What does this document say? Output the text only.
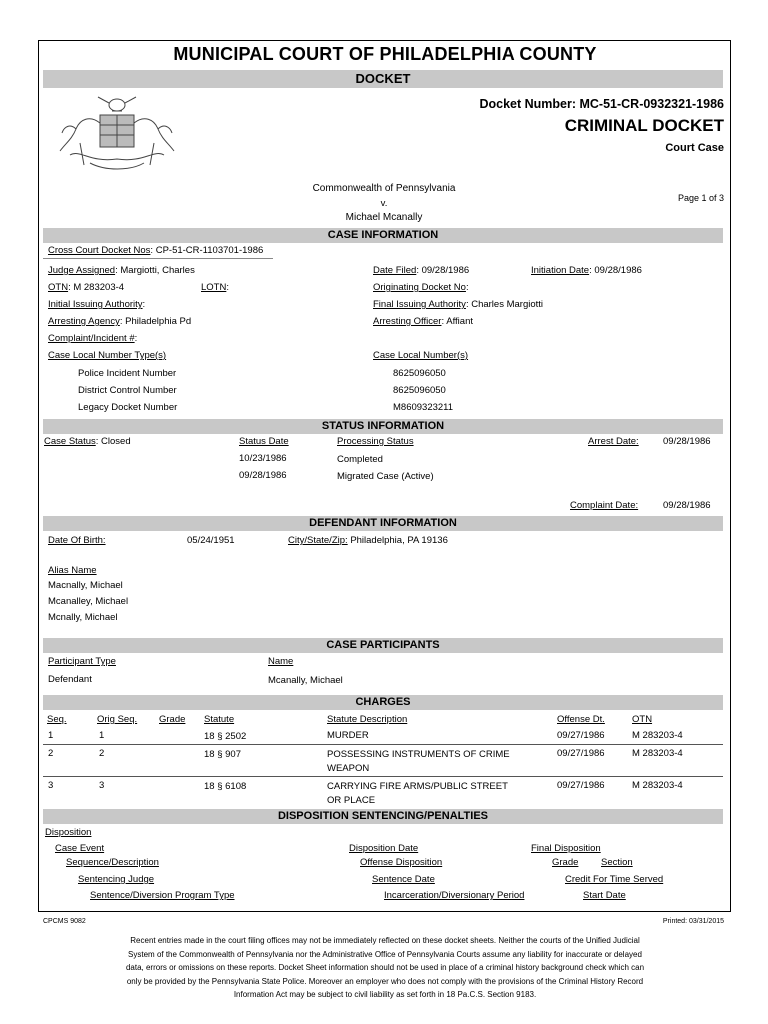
MUNICIPAL COURT OF PHILADELPHIA COUNTY
DOCKET
Docket Number: MC-51-CR-0932321-1986
CRIMINAL DOCKET
Court Case
Commonwealth of Pennsylvania
v.
Michael Mcanally
Page 1 of 3
CASE INFORMATION
Cross Court Docket Nos: CP-51-CR-1103701-1986
Judge Assigned: Margiotti, Charles	Date Filed: 09/28/1986	Initiation Date: 09/28/1986
OTN: M 283203-4	LOTN:	Originating Docket No:
Initial Issuing Authority:	Final Issuing Authority: Charles Margiotti
Arresting Agency: Philadelphia Pd	Arresting Officer: Affiant
Complaint/Incident #:
Case Local Number Type(s)	Case Local Number(s)
Police Incident Number	8625096050
District Control Number	8625096050
Legacy Docket Number	M8609323211
STATUS INFORMATION
Case Status: Closed	Status Date	Processing Status	Arrest Date:	09/28/1986
10/23/1986	Completed
09/28/1986	Migrated Case (Active)
Complaint Date:	09/28/1986
DEFENDANT INFORMATION
Date Of Birth:	05/24/1951	City/State/Zip: Philadelphia, PA 19136
Alias Name
Macnally, Michael
Mcanalley, Michael
Mcnally, Michael
CASE PARTICIPANTS
Participant Type	Name
Defendant	Mcanally, Michael
CHARGES
Seq.	Orig Seq. Grade Statute	Statute Description	Offense Dt.	OTN
1	1	18 § 2502	MURDER	09/27/1986	M 283203-4
2	2	18 § 907	POSSESSING INSTRUMENTS OF CRIME
WEAPON
09/27/1986	M 283203-4
3	3	18 § 6108	CARRYING FIRE ARMS/PUBLIC STREET
OR PLACE
09/27/1986	M 283203-4
DISPOSITION SENTENCING/PENALTIES
Disposition
Case Event
Sequence/Description
Sentencing Judge
Sentence/Diversion Program Type
Disposition Date
Offense Disposition
Sentence Date
Incarceration/Diversionary Period
Final Disposition
Grade Section
Credit For Time Served
Start Date
CPCMS 9082	Printed: 03/31/2015
Recent entries made in the court filing offices may not be immediately reflected on these docket sheets. Neither the courts of the Unified Judicial
System of the Commonwealth of Pennsylvania nor the Administrative Office of Pennsylvania Courts assume any liability for inaccurate or delayed
data, errors or omissions on these reports. Docket Sheet information should not be used in place of a criminal history background check which can
only be provided by the Pennsylvania State Police. Moreover an employer who does not comply with the provisions of the Criminal History Record
Information Act may be subject to civil liability as set forth in 18 Pa.C.S. Section 9183.
